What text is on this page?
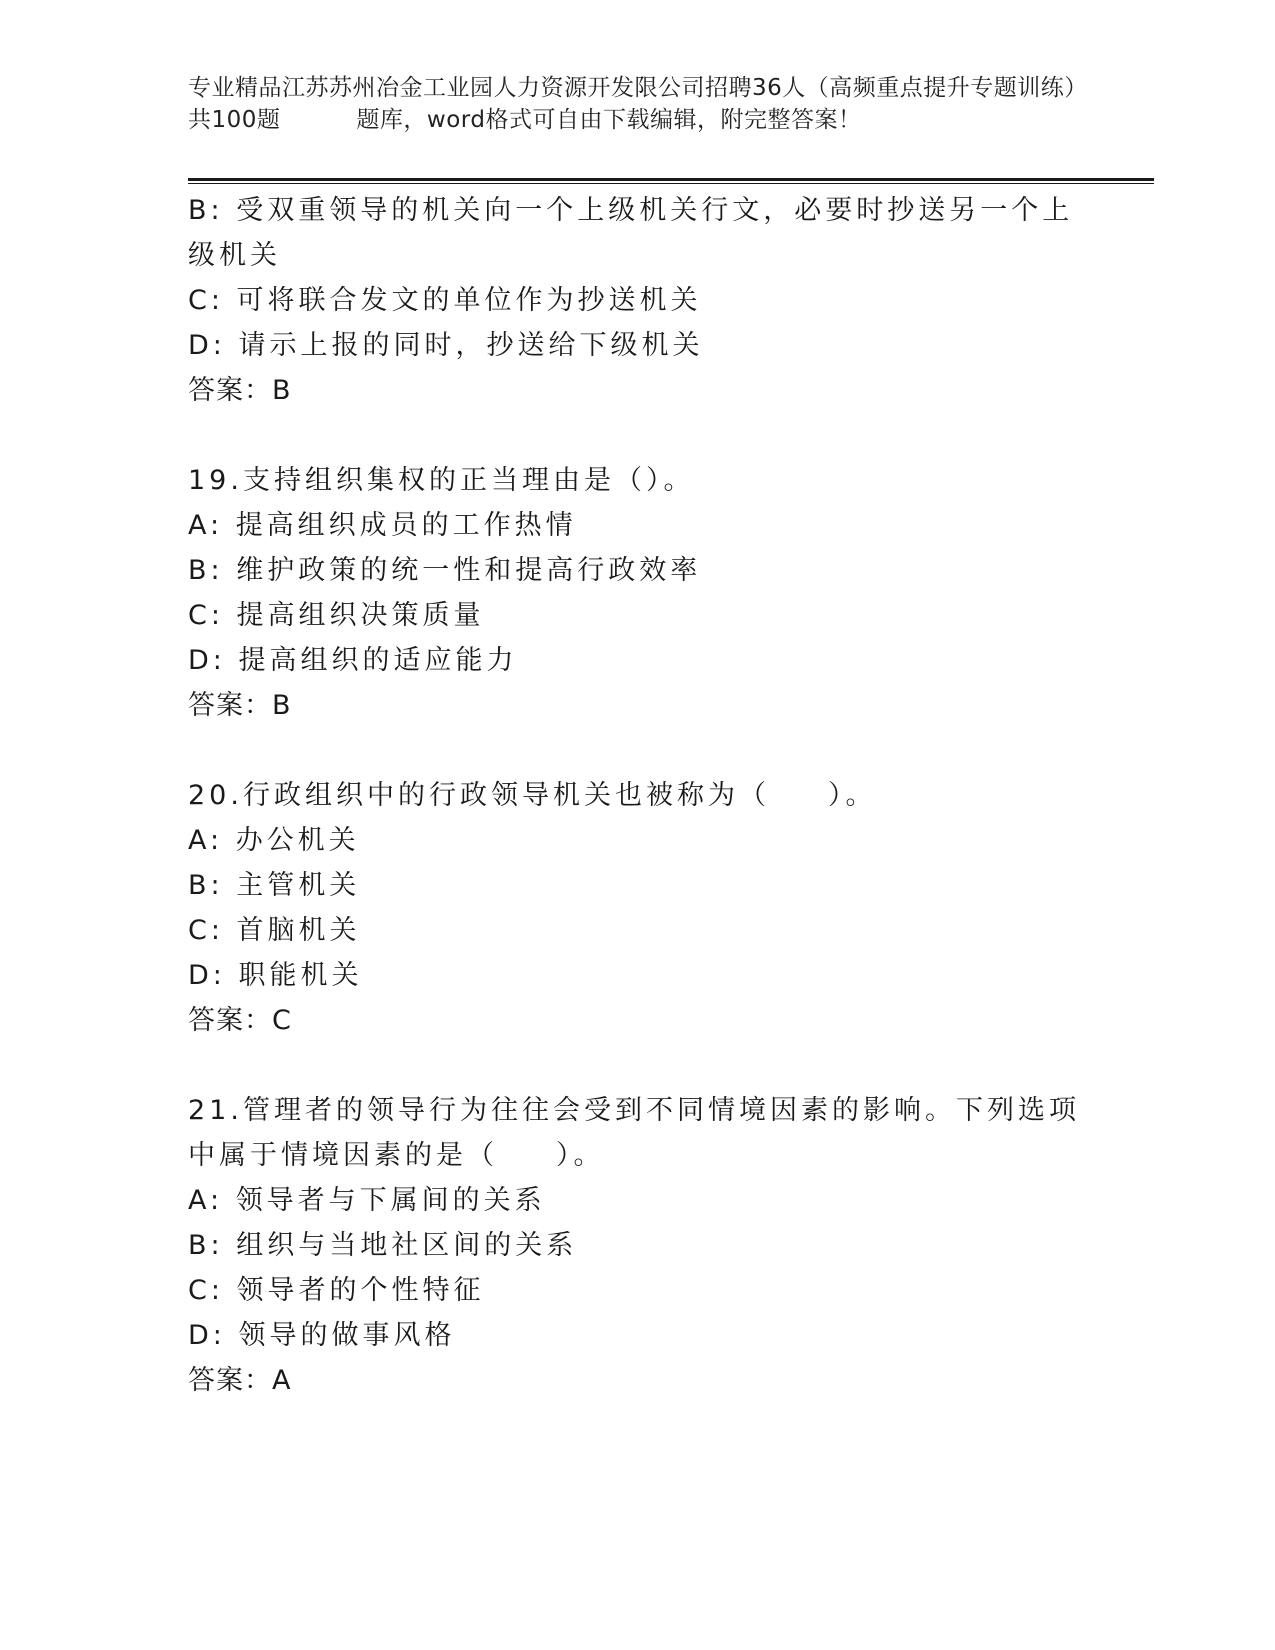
专业精品江苏苏州冶金工业园人力资源开发限公司招聘36人（高频重点提升专题训练）共100题	题库，word格式可自由下载编辑，附完整答案！
B: 受双重领导的机关向一个上级机关行文，必要时抄送另一个上级机关
C: 可将联合发文的单位作为抄送机关
D: 请示上报的同时，抄送给下级机关
答案：B
19.支持组织集权的正当理由是（）。
A: 提高组织成员的工作热情
B: 维护政策的统一性和提高行政效率
C: 提高组织决策质量
D: 提高组织的适应能力
答案：B
20.行政组织中的行政领导机关也被称为（ ）。
A: 办公机关
B: 主管机关
C: 首脑机关
D: 职能机关
答案：C
21.管理者的领导行为往往会受到不同情境因素的影响。下列选项中属于情境因素的是（ ）。
A: 领导者与下属间的关系
B: 组织与当地社区间的关系
C: 领导者的个性特征
D: 领导的做事风格
答案：A
